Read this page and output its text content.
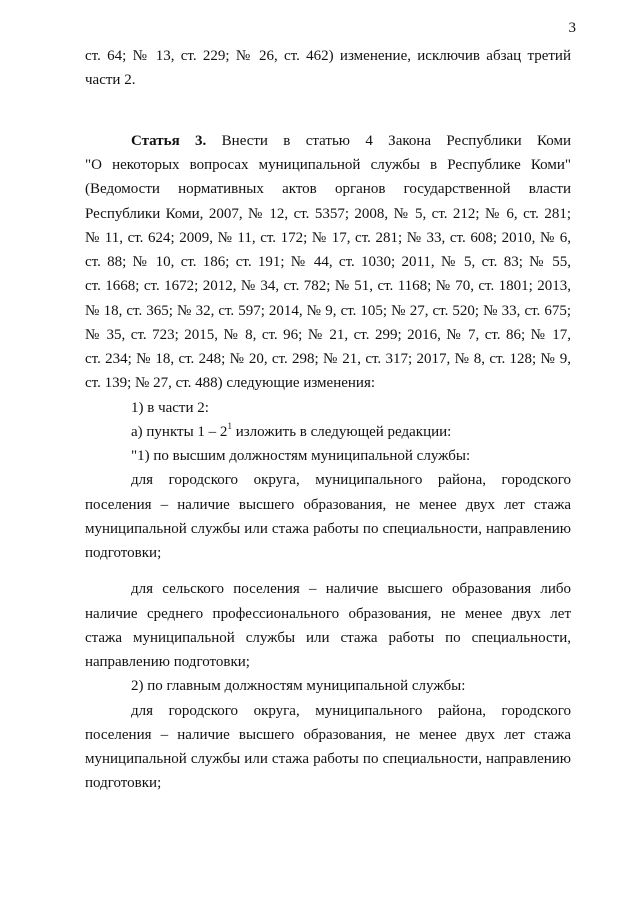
3
ст. 64; № 13, ст. 229; № 26, ст. 462) изменение, исключив абзац третий
части 2.
Статья 3. Внести в статью 4 Закона Республики Коми
"О некоторых вопросах муниципальной службы в Республике Коми"
(Ведомости нормативных актов органов государственной власти
Республики Коми, 2007, № 12, ст. 5357; 2008, № 5, ст. 212; № 6, ст. 281;
№ 11, ст. 624; 2009, № 11, ст. 172; № 17, ст. 281; № 33, ст. 608; 2010, № 6,
ст. 88; № 10, ст. 186; ст. 191; № 44, ст. 1030; 2011, № 5, ст. 83; № 55,
ст. 1668; ст. 1672; 2012, № 34, ст. 782; № 51, ст. 1168; № 70, ст. 1801; 2013,
№ 18, ст. 365; № 32, ст. 597; 2014, № 9, ст. 105; № 27, ст. 520; № 33, ст. 675;
№ 35, ст. 723; 2015, № 8, ст. 96; № 21, ст. 299; 2016, № 7, ст. 86; № 17,
ст. 234; № 18, ст. 248; № 20, ст. 298; № 21, ст. 317; 2017, № 8, ст. 128; № 9,
ст. 139; № 27, ст. 488) следующие изменения:
1) в части 2:
а) пункты $1 - 2^1$ изложить в следующей редакции:
"1) по высшим должностям муниципальной службы:
для городского округа, муниципального района, городского
поселения – наличие высшего образования, не менее двух лет стажа
муниципальной службы или стажа работы по специальности, направлению
подготовки;
для сельского поселения – наличие высшего образования либо
наличие среднего профессионального образования, не менее двух лет
стажа муниципальной службы или стажа работы по специальности,
направлению подготовки;
2) по главным должностям муниципальной службы:
для городского округа, муниципального района, городского
поселения – наличие высшего образования, не менее двух лет стажа
муниципальной службы или стажа работы по специальности, направлению
подготовки;
